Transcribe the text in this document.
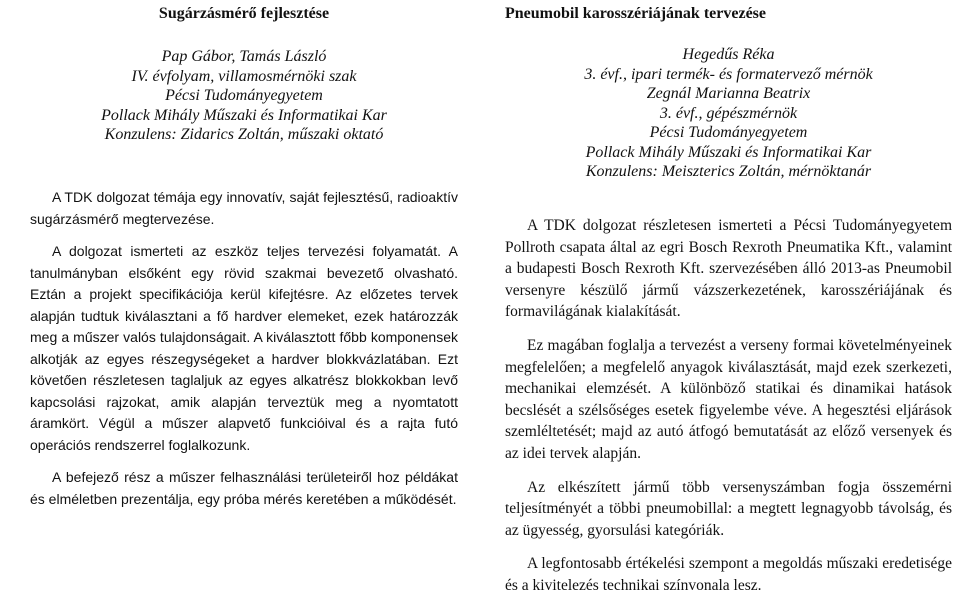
Sugárzásmérő fejlesztése
Pap Gábor, Tamás László
IV. évfolyam, villamosmérnöki szak
Pécsi Tudományegyetem
Pollack Mihály Műszaki és Informatikai Kar
Konzulens: Zidarics Zoltán, műszaki oktató

A TDK dolgozat témája egy innovatív, saját fejlesztésű, radioaktív sugárzásmérő megtervezése.

A dolgozat ismerteti az eszköz teljes tervezési folyamatát. A tanulmányban elsőként egy rövid szakmai bevezető olvasható. Eztán a projekt specifikációja kerül kifejtésre. Az előzetes tervek alapján tudtuk kiválasztani a fő hardver elemeket, ezek határozzák meg a műszer valós tulajdonságait. A kiválasztott főbb komponensek alkotják az egyes részegységeket a hardver blokkvázlatában. Ezt követően részletesen taglaljuk az egyes alkatrész blokkokban levő kapcsolási rajzokat, amik alapján terveztük meg a nyomtatott áramkört. Végül a műszer alapvető funkcióival és a rajta futó operációs rendszerrel foglalkozunk.

A befejező rész a műszer felhasználási területeiről hoz példákat és elméletben prezentálja, egy próba mérés keretében a működését.

Pneumobil karosszériájának tervezése
Hegedűs Réka
3. évf., ipari termék- és formatervező mérnök
Zegnál Marianna Beatrix
3. évf., gépészmérnök
Pécsi Tudományegyetem
Pollack Mihály Műszaki és Informatikai Kar
Konzulens: Meiszterics Zoltán, mérnöktanár

A TDK dolgozat részletesen ismerteti a Pécsi Tudományegyetem Pollroth csapata által az egri Bosch Rexroth Pneumatika Kft., valamint a budapesti Bosch Rexroth Kft. szervezésében álló 2013-as Pneumobil versenyre készülő jármű vázszerkezetének, karosszériájának és formavilágának kialakítását.

Ez magában foglalja a tervezést a verseny formai követelményeinek megfelelően; a megfelelő anyagok kiválasztását, majd ezek szerkezeti, mechanikai elemzését. A különböző statikai és dinamikai hatások becslését a szélsőséges esetek figyelembe véve. A hegesztési eljárások szemléltetését; majd az autó átfogó bemutatását az előző versenyek és az idei tervek alapján.

Az elkészített jármű több versenyszámban fogja összemérni teljesítményét a többi pneumobillal: a megtett legnagyobb távolság, és az ügyesség, gyorsulási kategóriák.

A legfontosabb értékelési szempont a megoldás műszaki eredetisége és a kivitelezés technikai színvonala lesz.
